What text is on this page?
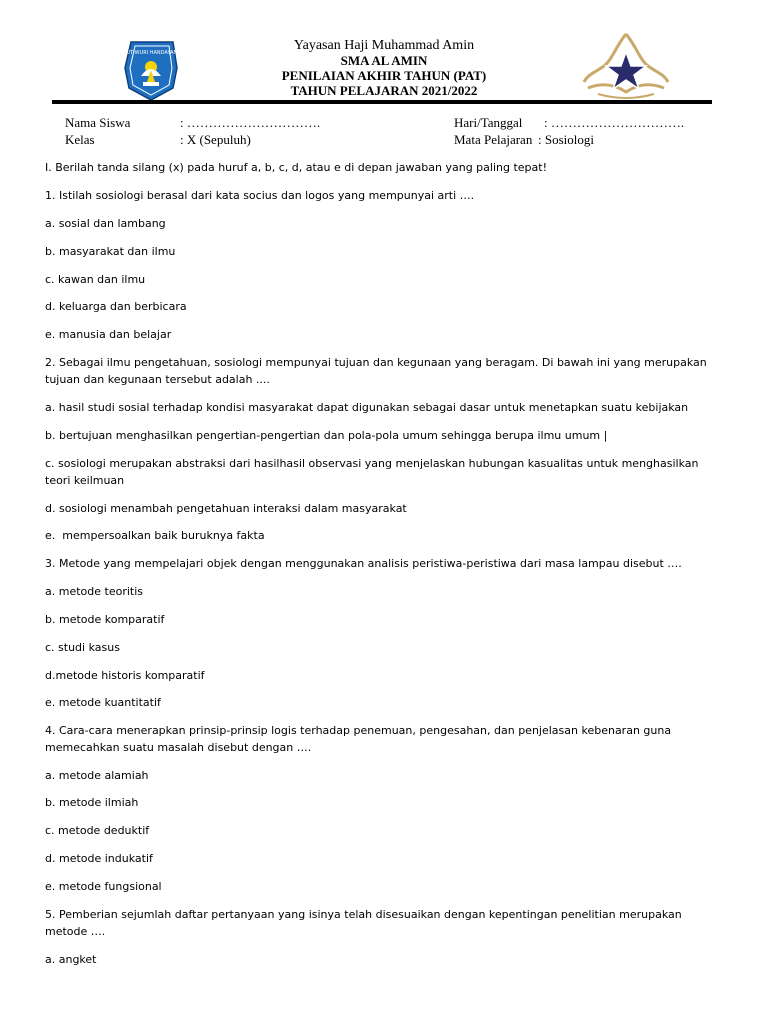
TUT WURI HANDAYANI	Yayasan Haji Muhammad Amin
SMA AL AMIN
PENILAIAN AKHIR TAHUN (PAT)
TAHUN PELAJARAN 2021/2022
Nama Siswa	: ………………………….
Kelas	: X (Sepuluh)
Hari/Tanggal : ………………………….
Mata Pelajaran : Sosiologi
I. Berilah tanda silang (x) pada huruf a, b, c, d, atau e di depan jawaban yang paling tepat!
1. Istilah sosiologi berasal dari kata socius dan logos yang mempunyai arti ….
a. sosial dan lambang
b. masyarakat dan ilmu
c. kawan dan ilmu
d. keluarga dan berbicara
e. manusia dan belajar
2. Sebagai ilmu pengetahuan, sosiologi mempunyai tujuan dan kegunaan yang beragam. Di bawah ini yang merupakan
tujuan dan kegunaan tersebut adalah ....
a. hasil studi sosial terhadap kondisi masyarakat dapat digunakan sebagai dasar untuk menetapkan suatu kebijakan
b. bertujuan menghasilkan pengertian-pengertian dan pola-pola umum sehingga berupa ilmu umum |
c. sosiologi merupakan abstraksi dari hasilhasil observasi yang menjelaskan hubungan kasualitas untuk menghasilkan
teori keilmuan
d. sosiologi menambah pengetahuan interaksi dalam masyarakat
e.  mempersoalkan baik buruknya fakta
3. Metode yang mempelajari objek dengan menggunakan analisis peristiwa-peristiwa dari masa lampau disebut ….
a. metode teoritis
b. metode komparatif
c. studi kasus
d.metode historis komparatif
e. metode kuantitatif
4. Cara-cara menerapkan prinsip-prinsip logis terhadap penemuan, pengesahan, dan penjelasan kebenaran guna
memecahkan suatu masalah disebut dengan ….
a. metode alamiah
b. metode ilmiah
c. metode deduktif
d. metode indukatif
e. metode fungsional
5. Pemberian sejumlah daftar pertanyaan yang isinya telah disesuaikan dengan kepentingan penelitian merupakan
metode ….
a. angket
